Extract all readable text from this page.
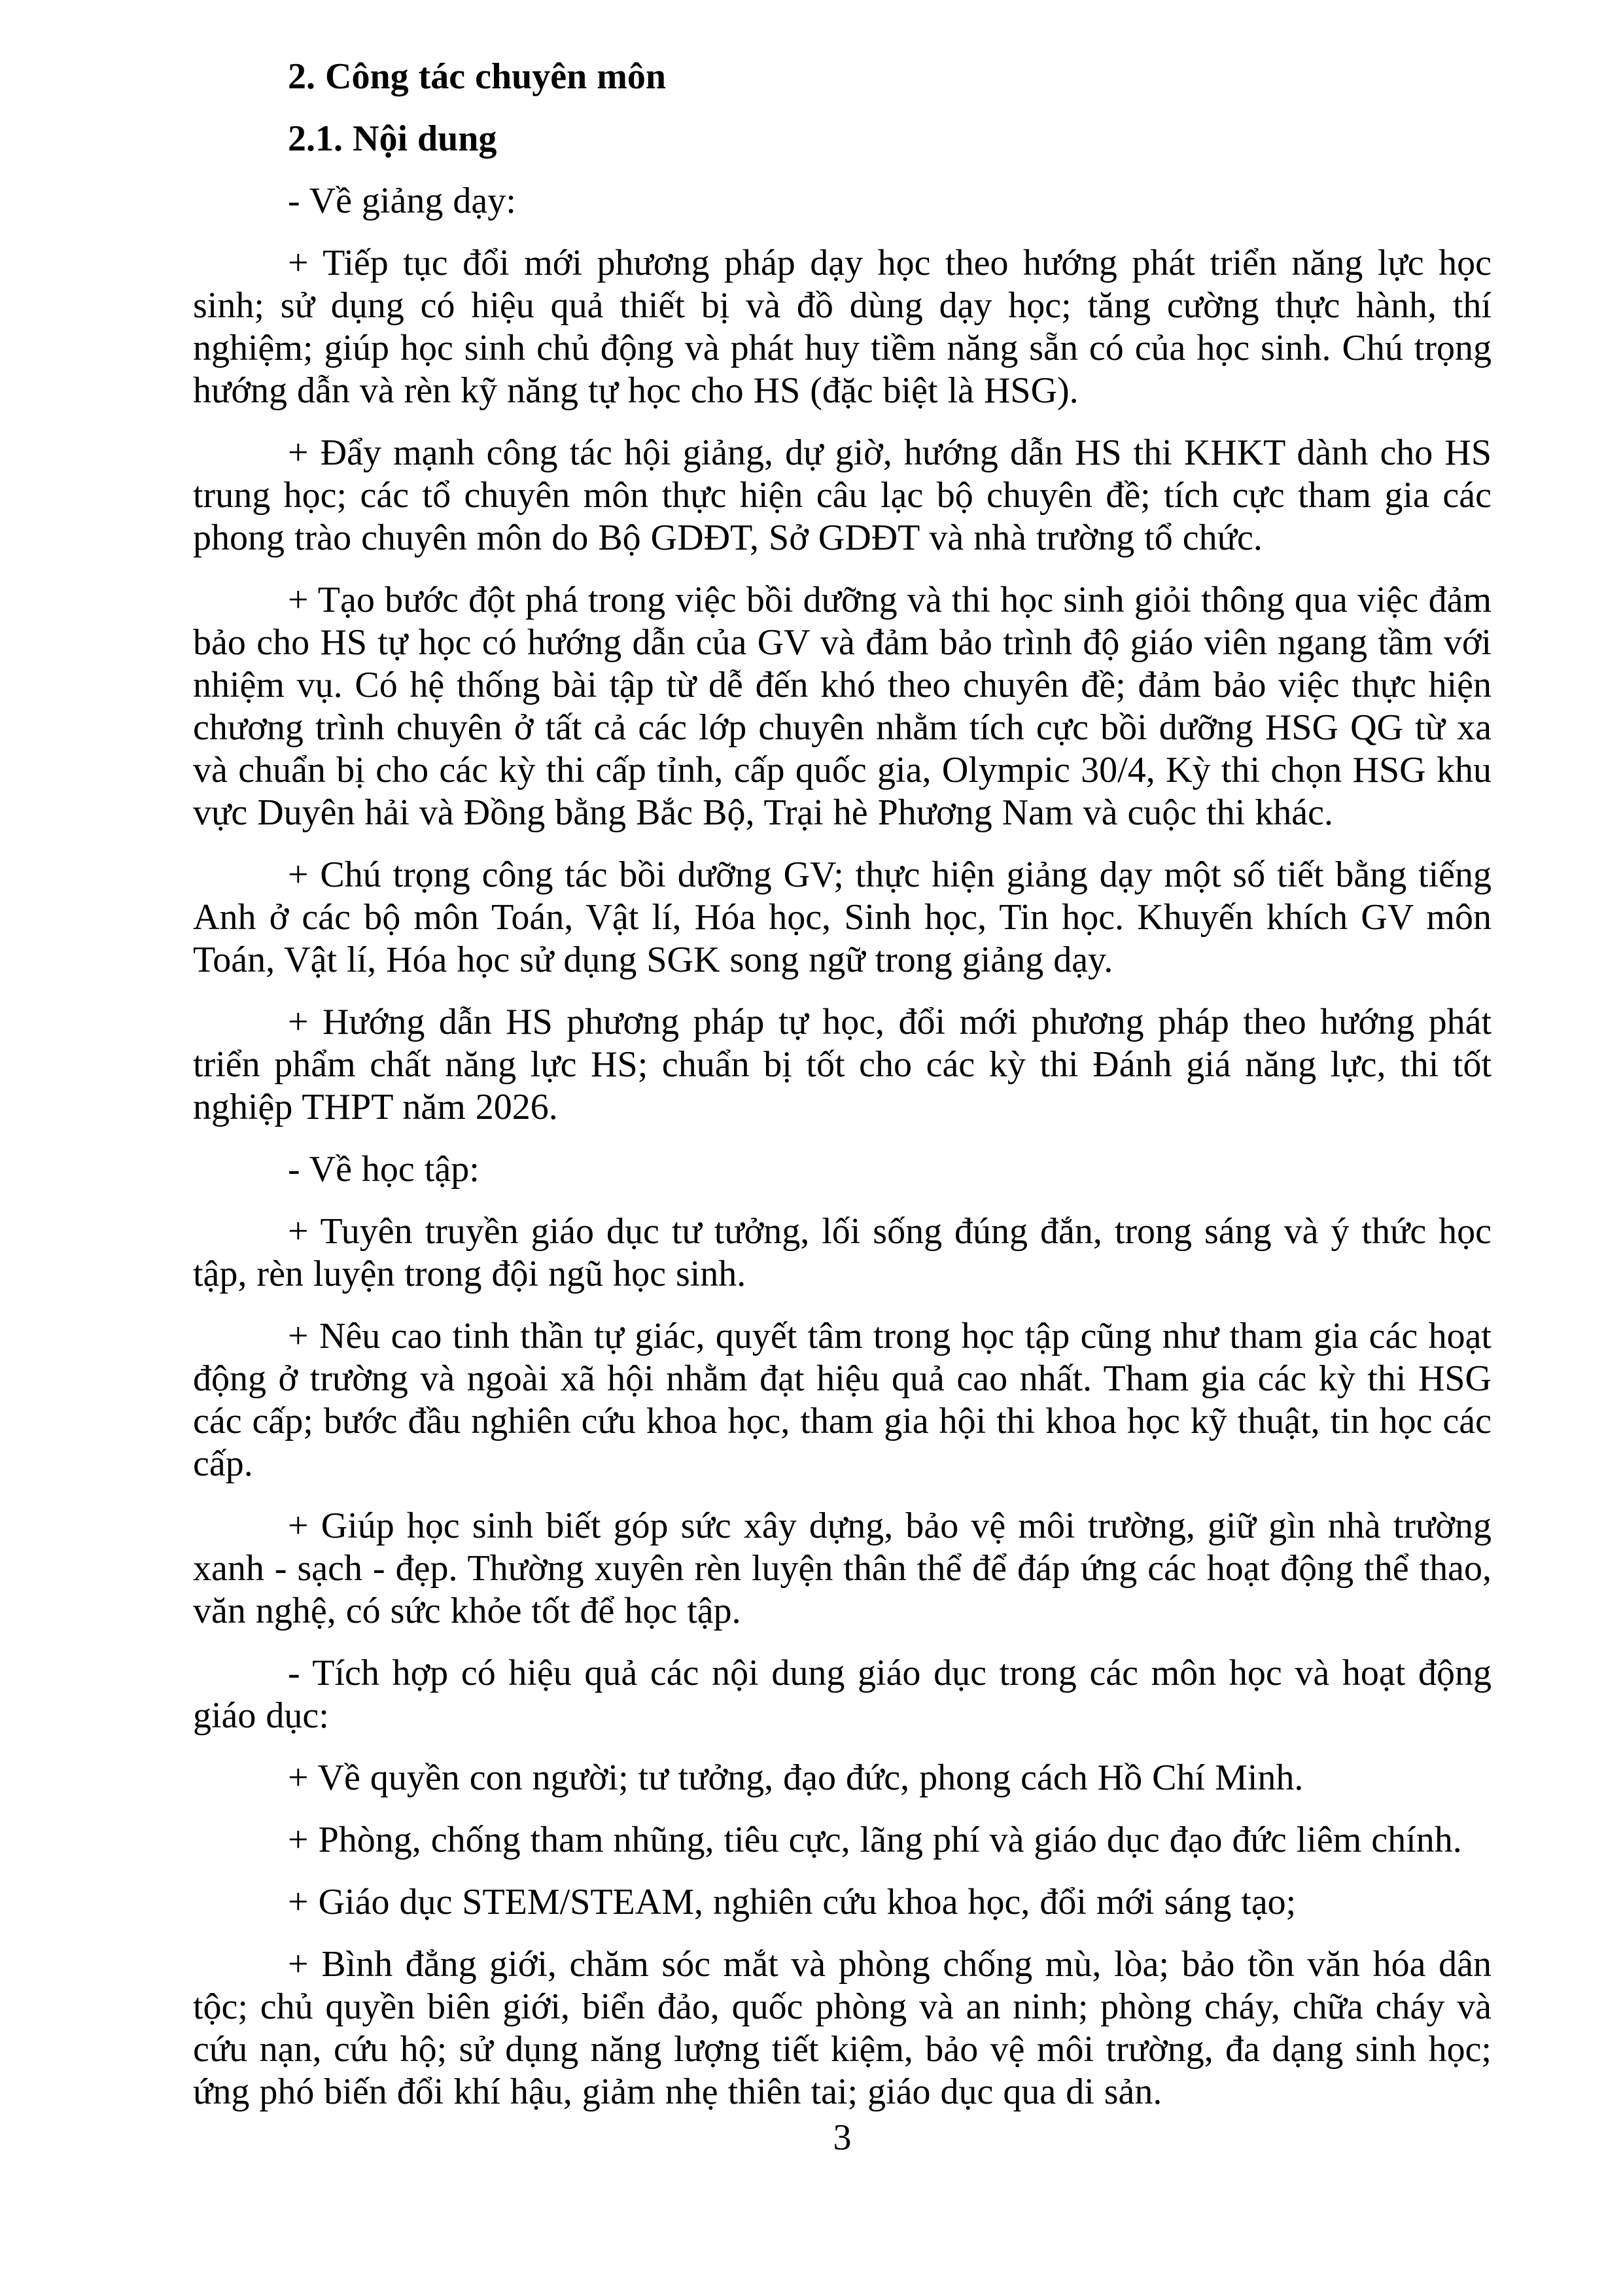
2. Công tác chuyên môn

2.1. Nội dung

- Về giảng dạy:

+ Tiếp tục đổi mới phương pháp dạy học theo hướng phát triển năng lực học sinh; sử dụng có hiệu quả thiết bị và đồ dùng dạy học; tăng cường thực hành, thí nghiệm; giúp học sinh chủ động và phát huy tiềm năng sẵn có của học sinh. Chú trọng hướng dẫn và rèn kỹ năng tự học cho HS (đặc biệt là HSG).

+ Đẩy mạnh công tác hội giảng, dự giờ, hướng dẫn HS thi KHKT dành cho HS trung học; các tổ chuyên môn thực hiện câu lạc bộ chuyên đề; tích cực tham gia các phong trào chuyên môn do Bộ GDĐT, Sở GDĐT và nhà trường tổ chức.

+ Tạo bước đột phá trong việc bồi dưỡng và thi học sinh giỏi thông qua việc đảm bảo cho HS tự học có hướng dẫn của GV và đảm bảo trình độ giáo viên ngang tầm với nhiệm vụ. Có hệ thống bài tập từ dễ đến khó theo chuyên đề; đảm bảo việc thực hiện chương trình chuyên ở tất cả các lớp chuyên nhằm tích cực bồi dưỡng HSG QG từ xa và chuẩn bị cho các kỳ thi cấp tỉnh, cấp quốc gia, Olympic 30/4, Kỳ thi chọn HSG khu vực Duyên hải và Đồng bằng Bắc Bộ, Trại hè Phương Nam và cuộc thi khác.

+ Chú trọng công tác bồi dưỡng GV; thực hiện giảng dạy một số tiết bằng tiếng Anh ở các bộ môn Toán, Vật lí, Hóa học, Sinh học, Tin học. Khuyến khích GV môn Toán, Vật lí, Hóa học sử dụng SGK song ngữ trong giảng dạy.

+ Hướng dẫn HS phương pháp tự học, đổi mới phương pháp theo hướng phát triển phẩm chất năng lực HS; chuẩn bị tốt cho các kỳ thi Đánh giá năng lực, thi tốt nghiệp THPT năm 2026.

- Về học tập:

+ Tuyên truyền giáo dục tư tưởng, lối sống đúng đắn, trong sáng và ý thức học tập, rèn luyện trong đội ngũ học sinh.

+ Nêu cao tinh thần tự giác, quyết tâm trong học tập cũng như tham gia các hoạt động ở trường và ngoài xã hội nhằm đạt hiệu quả cao nhất. Tham gia các kỳ thi HSG các cấp; bước đầu nghiên cứu khoa học, tham gia hội thi khoa học kỹ thuật, tin học các cấp.

+ Giúp học sinh biết góp sức xây dựng, bảo vệ môi trường, giữ gìn nhà trường xanh - sạch - đẹp. Thường xuyên rèn luyện thân thể để đáp ứng các hoạt động thể thao, văn nghệ, có sức khỏe tốt để học tập.

- Tích hợp có hiệu quả các nội dung giáo dục trong các môn học và hoạt động giáo dục:

+ Về quyền con người; tư tưởng, đạo đức, phong cách Hồ Chí Minh.

+ Phòng, chống tham nhũng, tiêu cực, lãng phí và giáo dục đạo đức liêm chính.

+ Giáo dục STEM/STEAM, nghiên cứu khoa học, đổi mới sáng tạo;

+ Bình đẳng giới, chăm sóc mắt và phòng chống mù, lòa; bảo tồn văn hóa dân tộc; chủ quyền biên giới, biển đảo, quốc phòng và an ninh; phòng cháy, chữa cháy và cứu nạn, cứu hộ; sử dụng năng lượng tiết kiệm, bảo vệ môi trường, đa dạng sinh học; ứng phó biến đổi khí hậu, giảm nhẹ thiên tai; giáo dục qua di sản.

3
